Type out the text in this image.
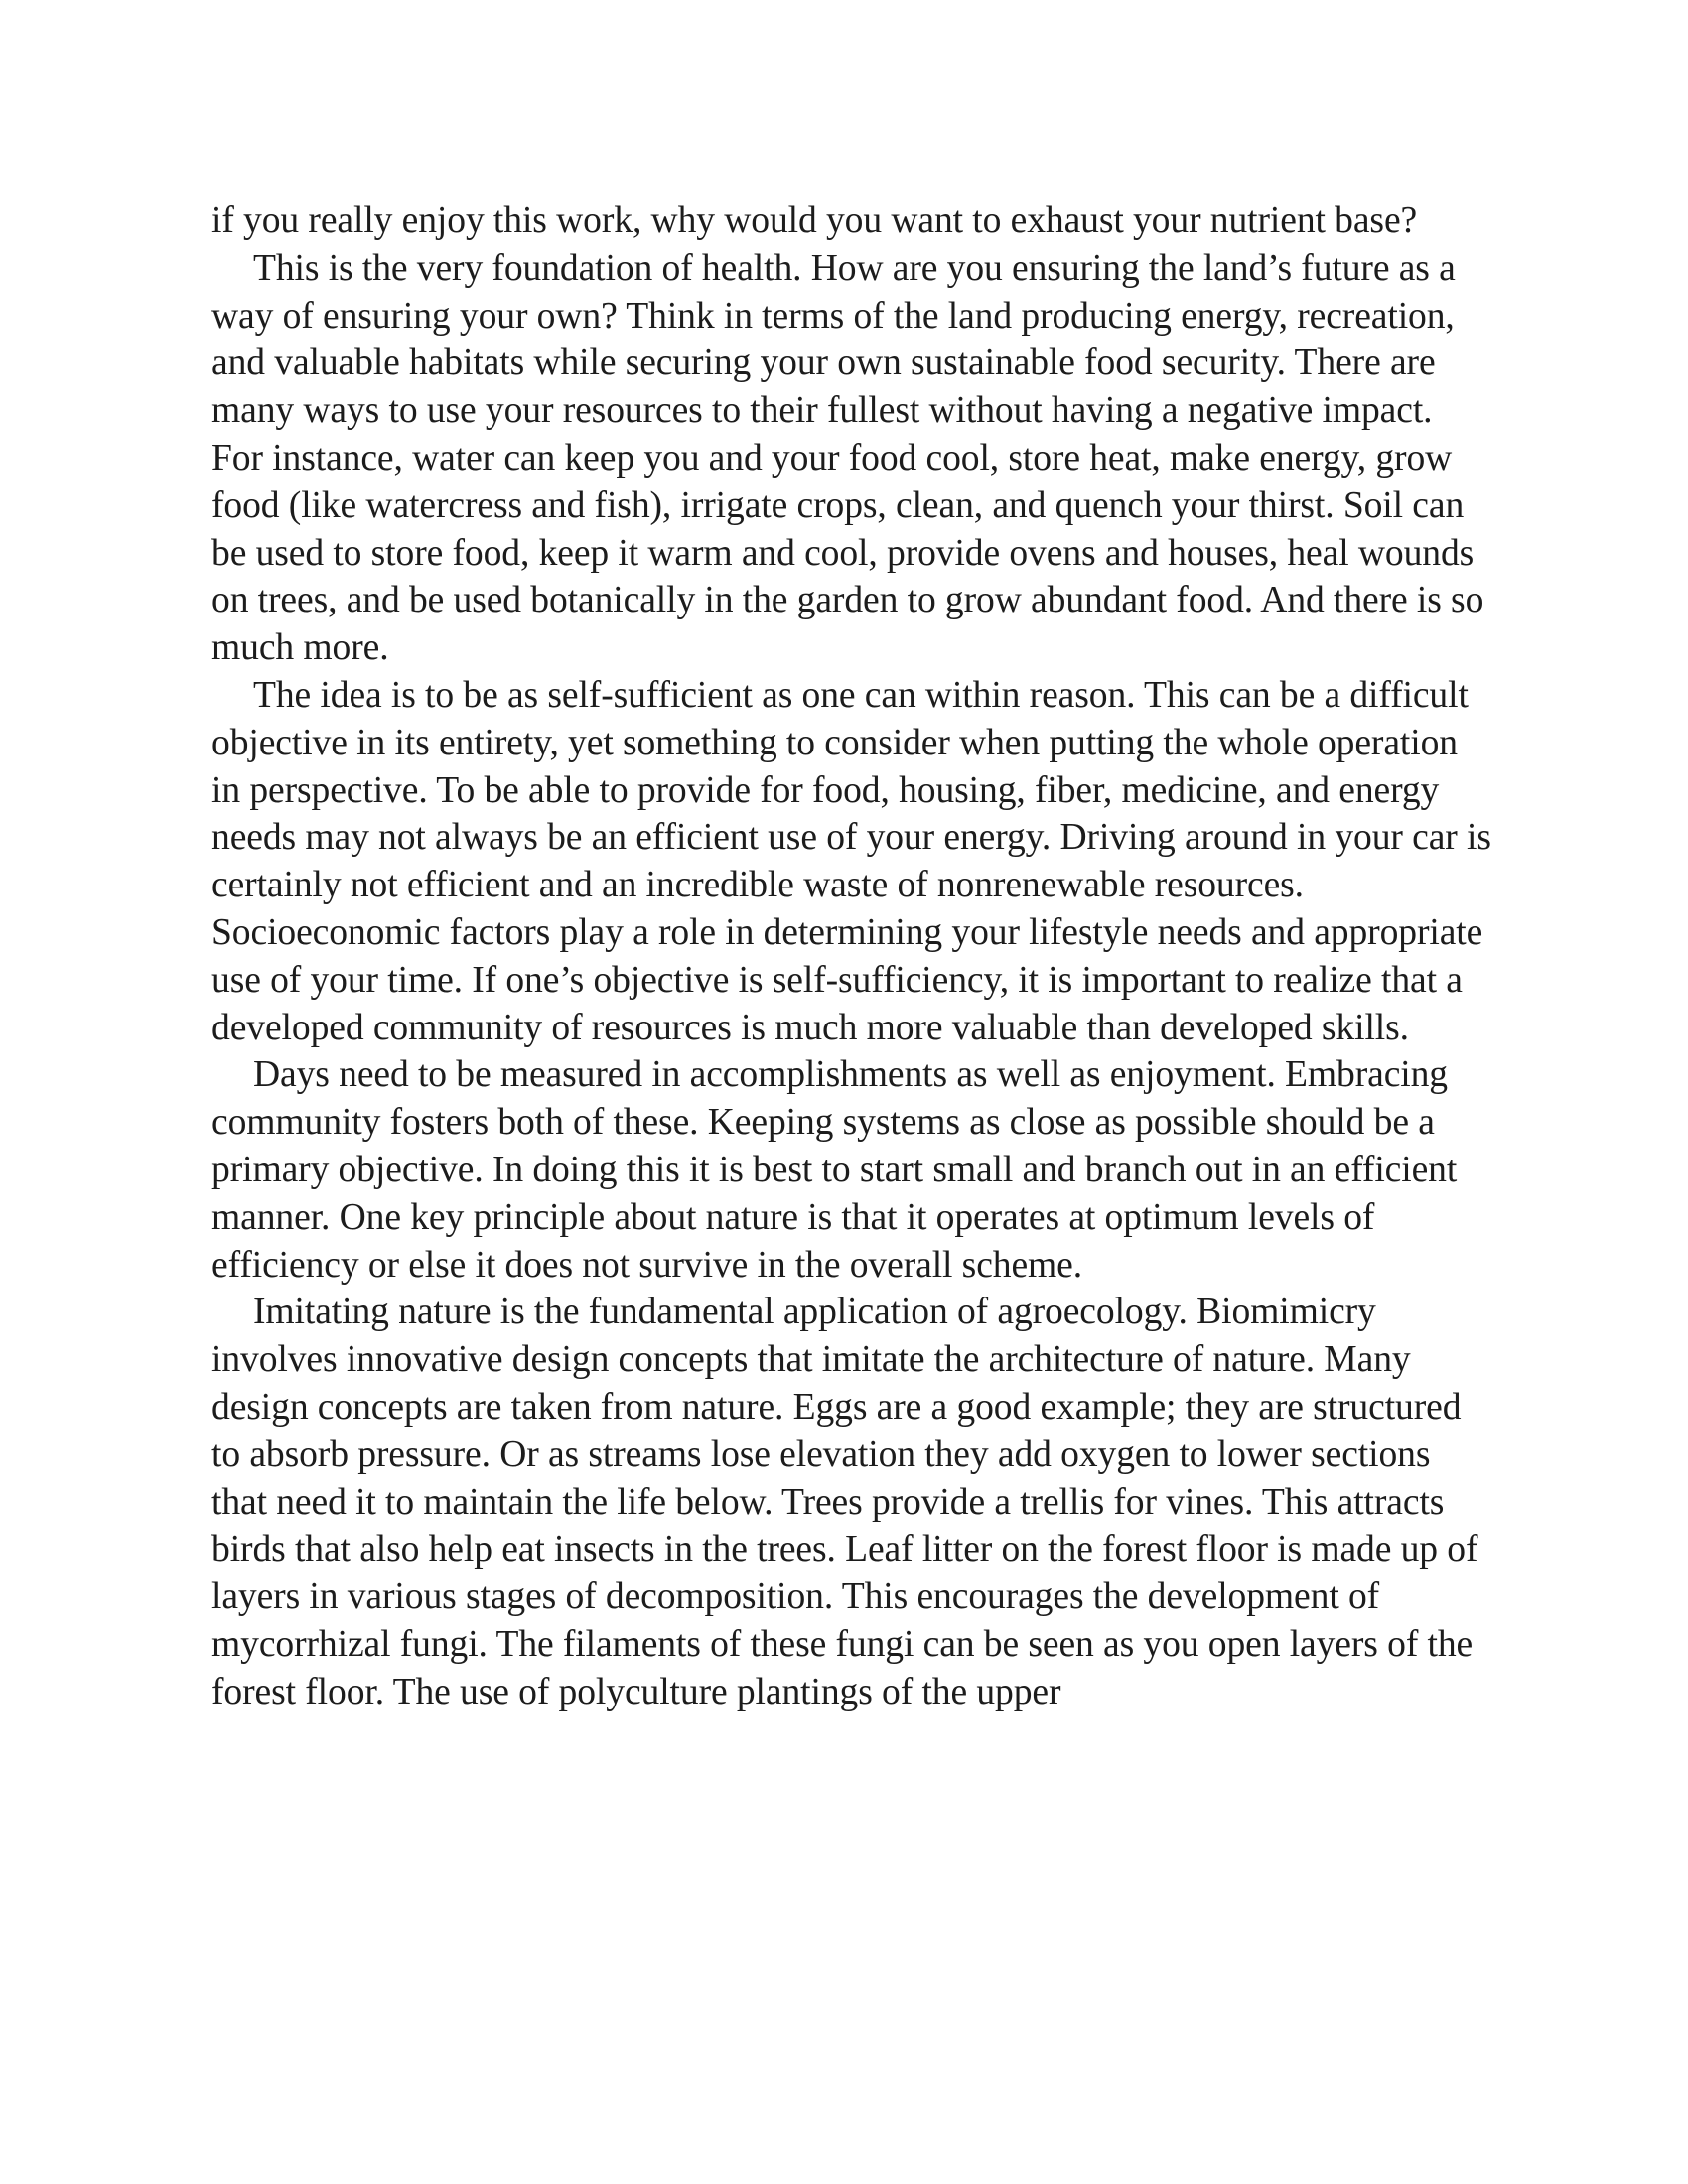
if you really enjoy this work, why would you want to exhaust your nutrient base?

This is the very foundation of health. How are you ensuring the land’s future as a way of ensuring your own? Think in terms of the land producing energy, recreation, and valuable habitats while securing your own sustainable food security. There are many ways to use your resources to their fullest without having a negative impact. For instance, water can keep you and your food cool, store heat, make energy, grow food (like watercress and fish), irrigate crops, clean, and quench your thirst. Soil can be used to store food, keep it warm and cool, provide ovens and houses, heal wounds on trees, and be used botanically in the garden to grow abundant food. And there is so much more.

The idea is to be as self-sufficient as one can within reason. This can be a difficult objective in its entirety, yet something to consider when putting the whole operation in perspective. To be able to provide for food, housing, fiber, medicine, and energy needs may not always be an efficient use of your energy. Driving around in your car is certainly not efficient and an incredible waste of nonrenewable resources. Socioeconomic factors play a role in determining your lifestyle needs and appropriate use of your time. If one’s objective is self-sufficiency, it is important to realize that a developed community of resources is much more valuable than developed skills.

Days need to be measured in accomplishments as well as enjoyment. Embracing community fosters both of these. Keeping systems as close as possible should be a primary objective. In doing this it is best to start small and branch out in an efficient manner. One key principle about nature is that it operates at optimum levels of efficiency or else it does not survive in the overall scheme.

Imitating nature is the fundamental application of agroecology. Biomimicry involves innovative design concepts that imitate the architecture of nature. Many design concepts are taken from nature. Eggs are a good example; they are structured to absorb pressure. Or as streams lose elevation they add oxygen to lower sections that need it to maintain the life below. Trees provide a trellis for vines. This attracts birds that also help eat insects in the trees. Leaf litter on the forest floor is made up of layers in various stages of decomposition. This encourages the development of mycorrhizal fungi. The filaments of these fungi can be seen as you open layers of the forest floor. The use of polyculture plantings of the upper
